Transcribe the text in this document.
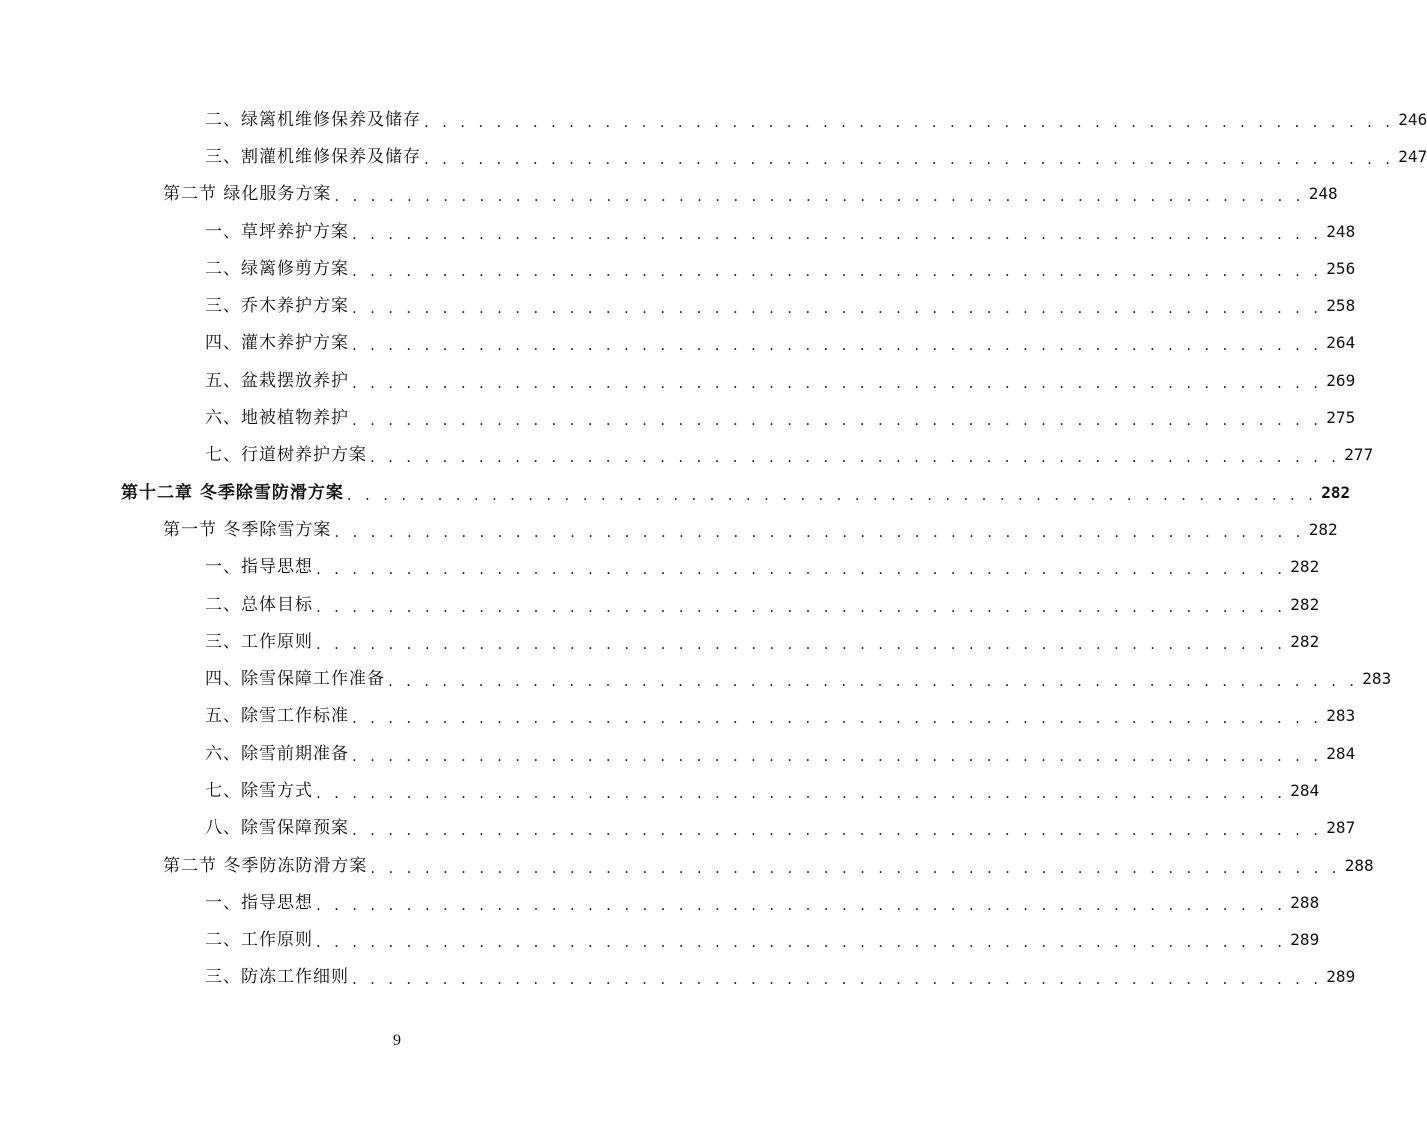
二、绿篱机维修保养及储存 . . . . . . . . . . . . . . . . . . . . . . . . . . . . . . . . . . . . . . . . . . . . . . . . . . . . . . 246
三、割灌机维修保养及储存 . . . . . . . . . . . . . . . . . . . . . . . . . . . . . . . . . . . . . . . . . . . . . . . . . . . . . . 247
第二节 绿化服务方案 . . . . . . . . . . . . . . . . . . . . . . . . . . . . . . . . . . . . . . . . . . . . . . . . . . . . . . 248
一、草坪养护方案 . . . . . . . . . . . . . . . . . . . . . . . . . . . . . . . . . . . . . . . . . . . . . . . . . . . . . . 248
二、绿篱修剪方案 . . . . . . . . . . . . . . . . . . . . . . . . . . . . . . . . . . . . . . . . . . . . . . . . . . . . . . 256
三、乔木养护方案 . . . . . . . . . . . . . . . . . . . . . . . . . . . . . . . . . . . . . . . . . . . . . . . . . . . . . . 258
四、灌木养护方案 . . . . . . . . . . . . . . . . . . . . . . . . . . . . . . . . . . . . . . . . . . . . . . . . . . . . . . 264
五、盆栽摆放养护 . . . . . . . . . . . . . . . . . . . . . . . . . . . . . . . . . . . . . . . . . . . . . . . . . . . . . . 269
六、地被植物养护 . . . . . . . . . . . . . . . . . . . . . . . . . . . . . . . . . . . . . . . . . . . . . . . . . . . . . . 275
七、行道树养护方案 . . . . . . . . . . . . . . . . . . . . . . . . . . . . . . . . . . . . . . . . . . . . . . . . . . . . . . 277
第十二章 冬季除雪防滑方案 . . . . . . . . . . . . . . . . . . . . . . . . . . . . . . . . . . . . . . . . . . . . . . . . . . . . . . 282
第一节 冬季除雪方案 . . . . . . . . . . . . . . . . . . . . . . . . . . . . . . . . . . . . . . . . . . . . . . . . . . . . . . 282
一、指导思想 . . . . . . . . . . . . . . . . . . . . . . . . . . . . . . . . . . . . . . . . . . . . . . . . . . . . . . 282
二、总体目标 . . . . . . . . . . . . . . . . . . . . . . . . . . . . . . . . . . . . . . . . . . . . . . . . . . . . . . 282
三、工作原则 . . . . . . . . . . . . . . . . . . . . . . . . . . . . . . . . . . . . . . . . . . . . . . . . . . . . . . 282
四、除雪保障工作准备 . . . . . . . . . . . . . . . . . . . . . . . . . . . . . . . . . . . . . . . . . . . . . . . . . . . . . . 283
五、除雪工作标准 . . . . . . . . . . . . . . . . . . . . . . . . . . . . . . . . . . . . . . . . . . . . . . . . . . . . . . 283
六、除雪前期准备 . . . . . . . . . . . . . . . . . . . . . . . . . . . . . . . . . . . . . . . . . . . . . . . . . . . . . . 284
七、除雪方式 . . . . . . . . . . . . . . . . . . . . . . . . . . . . . . . . . . . . . . . . . . . . . . . . . . . . . . 284
八、除雪保障预案 . . . . . . . . . . . . . . . . . . . . . . . . . . . . . . . . . . . . . . . . . . . . . . . . . . . . . . 287
第二节 冬季防冻防滑方案 . . . . . . . . . . . . . . . . . . . . . . . . . . . . . . . . . . . . . . . . . . . . . . . . . . . . . . 288
一、指导思想 . . . . . . . . . . . . . . . . . . . . . . . . . . . . . . . . . . . . . . . . . . . . . . . . . . . . . . 288
二、工作原则 . . . . . . . . . . . . . . . . . . . . . . . . . . . . . . . . . . . . . . . . . . . . . . . . . . . . . . 289
三、防冻工作细则 . . . . . . . . . . . . . . . . . . . . . . . . . . . . . . . . . . . . . . . . . . . . . . . . . . . . . . 289
9
